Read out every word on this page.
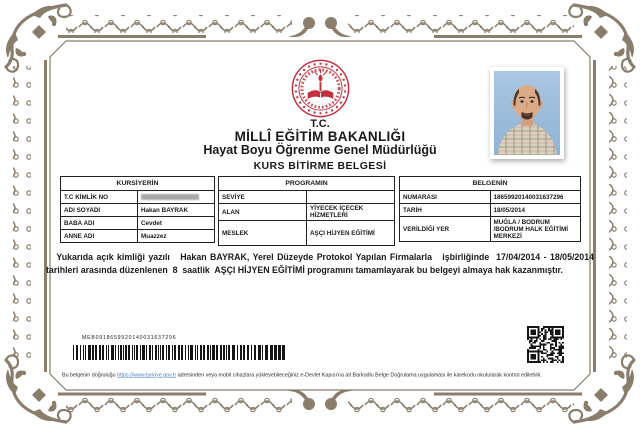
T.C.
MİLLÎ EĞİTİM BAKANLIĞI
Hayat Boyu Öğrenme Genel Müdürlüğü
KURS BİTİRME BELGESİ
KURSİYERİN	
T.C KİMLİK NO	
ADI SOYADI	Hakan BAYRAK
BABA ADI	Cevdet
ANNE ADI	Muazzez
PROGRAMIN	
SEVİYE	
ALAN	YİYECEK İÇECEK HİZMETLERİ
MESLEK	AŞÇI HİJYEN EĞİTİMİ
BELGENİN	
NUMARASI	18659920140031637296
TARİH	18/05/2014
VERİLDİĞİ YER	MUĞLA / BODRUM /BODRUM HALK EĞİTİMİ MERKEZİ

Yukarıda açık kimliği yazılı   Hakan BAYRAK, Yerel Düzeyde Protokol Yapılan Firmalarla   işbirliğinde  17/04/2014 - 18/05/2014  tarihleri arasında düzenlenen  8  saatlik  AŞÇI HİJYEN EĞİTİMİ programını tamamlayarak bu belgeyi almaya hak kazanmıştır.

MEB0918659920140031637296
Bu belgenin doğruluğu https://www.turkiye.gov.tr adresinden veya mobil cihazlara yükleyebileceğiniz e-Devlet Kapısı'na ait Barkodlu Belge Doğrulama uygulaması ile karekodu okutularak kontrol edilebilir.
